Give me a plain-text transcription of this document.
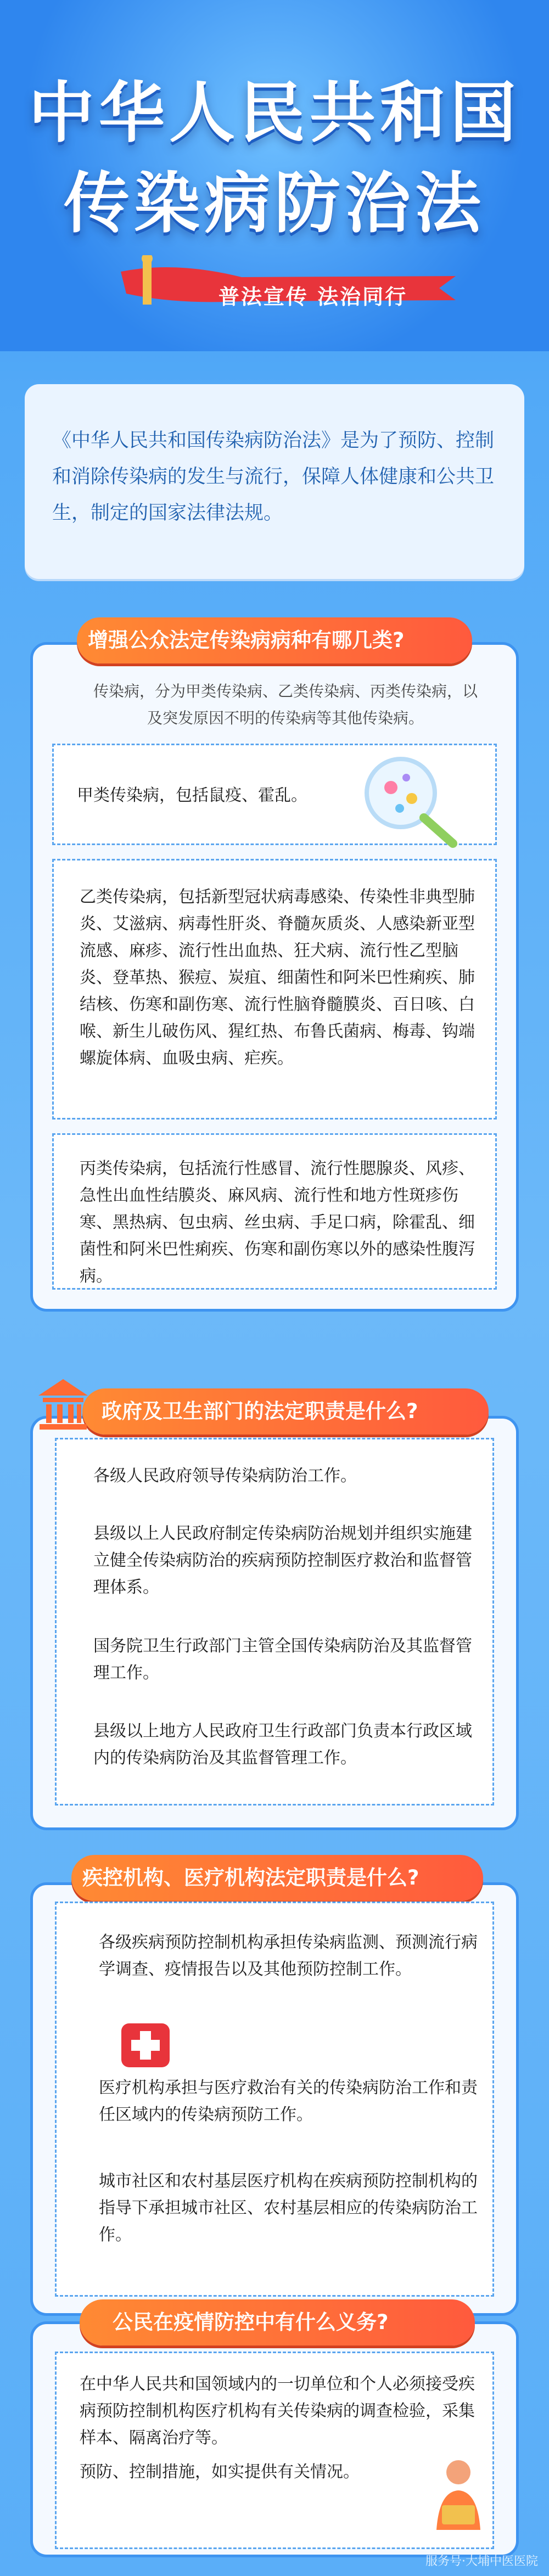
中华人民共和国
传染病防治法
普法宣传 法治同行
《中华人民共和国传染病防治法》是为了预防、控制和消除传染病的发生与流行，保障人体健康和公共卫生，制定的国家法律法规。
增强公众法定传染病病种有哪几类?
传染病，分为甲类传染病、乙类传染病、丙类传染病，以及突发原因不明的传染病等其他传染病。
甲类传染病，包括鼠疫、霍乱。
乙类传染病，包括新型冠状病毒感染、传染性非典型肺炎、艾滋病、病毒性肝炎、脊髓灰质炎、人感染新亚型流感、麻疹、流行性出血热、狂犬病、流行性乙型脑炎、登革热、猴痘、炭疽、细菌性和阿米巴性痢疾、肺结核、伤寒和副伤寒、流行性脑脊髓膜炎、百日咳、白喉、新生儿破伤风、猩红热、布鲁氏菌病、梅毒、钩端螺旋体病、血吸虫病、疟疾。
丙类传染病，包括流行性感冒、流行性腮腺炎、风疹、急性出血性结膜炎、麻风病、流行性和地方性斑疹伤寒、黑热病、包虫病、丝虫病、手足口病，除霍乱、细菌性和阿米巴性痢疾、伤寒和副伤寒以外的感染性腹泻病。
政府及卫生部门的法定职责是什么?
各级人民政府领导传染病防治工作。
县级以上人民政府制定传染病防治规划并组织实施建立健全传染病防治的疾病预防控制医疗救治和监督管理体系。
国务院卫生行政部门主管全国传染病防治及其监督管理工作。
县级以上地方人民政府卫生行政部门负责本行政区域内的传染病防治及其监督管理工作。
疾控机构、医疗机构法定职责是什么?
各级疾病预防控制机构承担传染病监测、预测流行病学调查、疫情报告以及其他预防控制工作。
医疗机构承担与医疗救治有关的传染病防治工作和责任区域内的传染病预防工作。
城市社区和农村基层医疗机构在疾病预防控制机构的指导下承担城市社区、农村基层相应的传染病防治工作。
公民在疫情防控中有什么义务?
在中华人民共和国领域内的一切单位和个人必须接受疾病预防控制机构医疗机构有关传染病的调查检验，采集样本、隔离治疗等。
预防、控制措施，如实提供有关情况。
服务号·大埔中医医院
